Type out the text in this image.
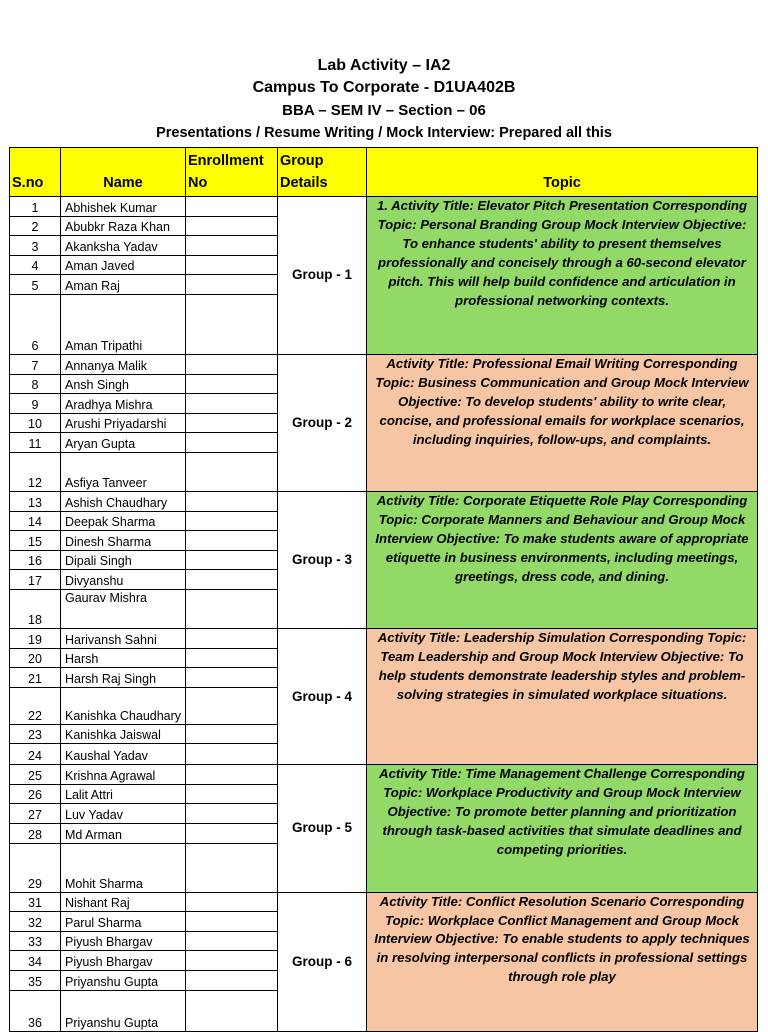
Lab Activity – IA2
Campus To Corporate - D1UA402B
BBA – SEM IV – Section – 06
Presentations / Resume Writing / Mock Interview: Prepared all this
S.no	Name	Enrollment No	Group Details	Topic
1	Abhishek Kumar		Group - 1	1. Activity Title: Elevator Pitch Presentation Corresponding Topic: Personal Branding Group Mock Interview Objective: To enhance students' ability to present themselves professionally and concisely through a 60-second elevator pitch. This will help build confidence and articulation in professional networking contexts.
2	Abubkr Raza Khan			
3	Akanksha Yadav			
4	Aman Javed			
5	Aman Raj			
6	Aman Tripathi			
7	Annanya Malik		Group - 2	Activity Title: Professional Email Writing Corresponding Topic: Business Communication and Group Mock Interview Objective: To develop students' ability to write clear, concise, and professional emails for workplace scenarios, including inquiries, follow-ups, and complaints.
8	Ansh Singh			
9	Aradhya Mishra			
10	Arushi Priyadarshi			
11	Aryan Gupta			
12	Asfiya Tanveer			
13	Ashish Chaudhary		Group - 3	Activity Title: Corporate Etiquette Role Play Corresponding Topic: Corporate Manners and Behaviour and Group Mock Interview Objective: To make students aware of appropriate etiquette in business environments, including meetings, greetings, dress code, and dining.
14	Deepak Sharma			
15	Dinesh Sharma			
16	Dipali Singh			
17	Divyanshu			
18	Gaurav Mishra			
19	Harivansh Sahni		Group - 4	Activity Title: Leadership Simulation Corresponding Topic: Team Leadership and Group Mock Interview Objective: To help students demonstrate leadership styles and problem-solving strategies in simulated workplace situations.
20	Harsh			
21	Harsh Raj Singh			
22	Kanishka Chaudhary			
23	Kanishka Jaiswal			
24	Kaushal Yadav			
25	Krishna Agrawal		Group - 5	Activity Title: Time Management Challenge Corresponding Topic: Workplace Productivity and Group Mock Interview Objective: To promote better planning and prioritization through task-based activities that simulate deadlines and competing priorities.
26	Lalit Attri			
27	Luv Yadav			
28	Md Arman			
29	Mohit Sharma			
31	Nishant Raj		Group - 6	Activity Title: Conflict Resolution Scenario Corresponding Topic: Workplace Conflict Management and Group Mock Interview Objective: To enable students to apply techniques in resolving interpersonal conflicts in professional settings through role play
32	Parul Sharma			
33	Piyush Bhargav			
34	Piyush Bhargav			
35	Priyanshu Gupta			
36	Priyanshu Gupta			
